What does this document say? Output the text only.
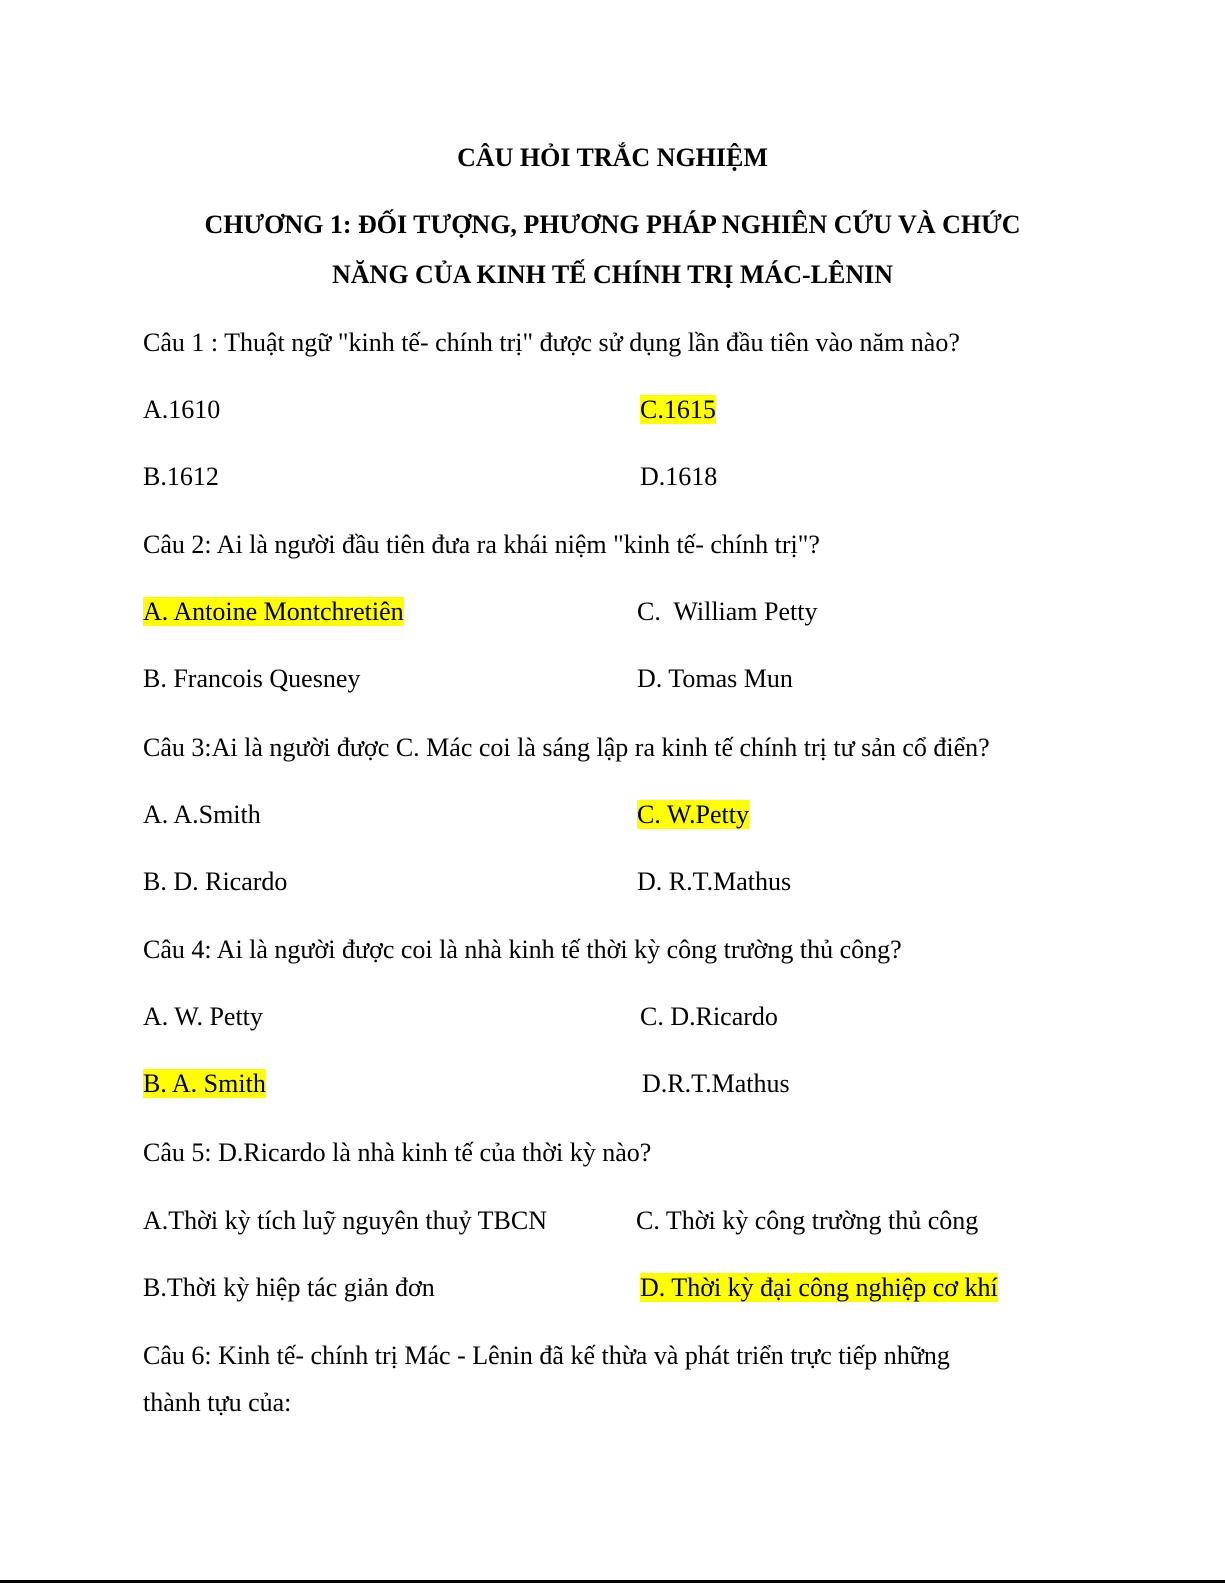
CÂU HỎI TRẮC NGHIỆM
CHƯƠNG 1: ĐỐI TƯỢNG, PHƯƠNG PHÁP NGHIÊN CỨU VÀ CHỨC
NĂNG CỦA KINH TẾ CHÍNH TRỊ MÁC-LÊNIN
Câu 1 : Thuật ngữ "kinh tế- chính trị" được sử dụng lần đầu tiên vào năm nào?
A.1610	C.1615
B.1612	D.1618
Câu 2: Ai là người đầu tiên đưa ra khái niệm "kinh tế- chính trị"?
A. Antoine Montchretiên	C.  William Petty
B. Francois Quesney	D. Tomas Mun
Câu 3:Ai là người được C. Mác coi là sáng lập ra kinh tế chính trị tư sản cổ điển?
A. A.Smith	C. W.Petty
B. D. Ricardo	D. R.T.Mathus
Câu 4: Ai là người được coi là nhà kinh tế thời kỳ công trường thủ công?
A. W. Petty	C. D.Ricardo
B. A. Smith	D.R.T.Mathus
Câu 5: D.Ricardo là nhà kinh tế của thời kỳ nào?
A.Thời kỳ tích luỹ nguyên thuỷ TBCN	C. Thời kỳ công trường thủ công
B.Thời kỳ hiệp tác giản đơn	D. Thời kỳ đại công nghiệp cơ khí
Câu 6: Kinh tế- chính trị Mác - Lênin đã kế thừa và phát triển trực tiếp những
thành tựu của:
